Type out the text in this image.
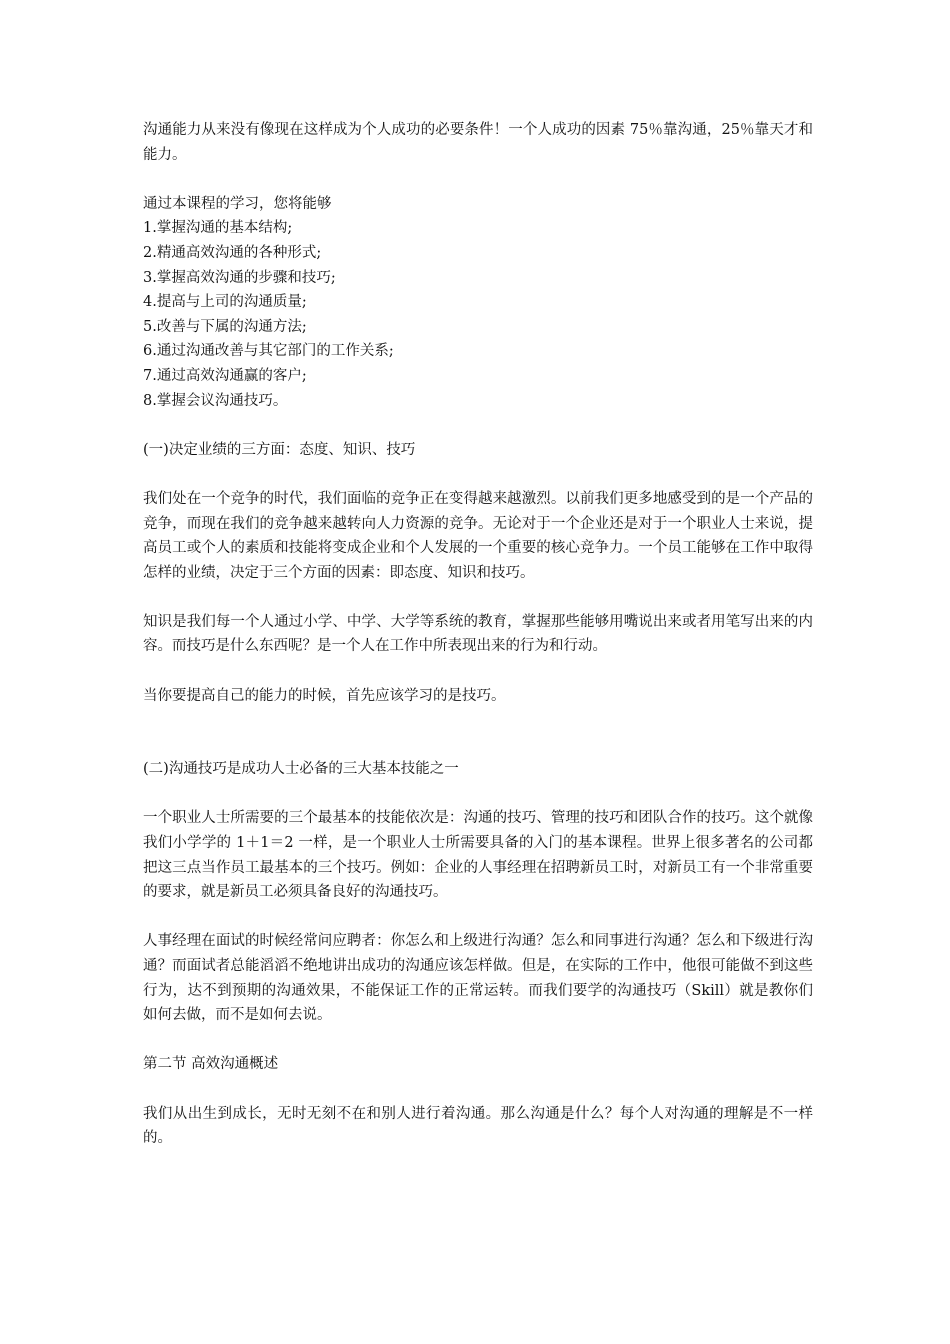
沟通能力从来没有像现在这样成为个人成功的必要条件！一个人成功的因素 75％靠沟通，25％靠天才和能力。

通过本课程的学习，您将能够

1.掌握沟通的基本结构;

2.精通高效沟通的各种形式;

3.掌握高效沟通的步骤和技巧;

4.提高与上司的沟通质量;

5.改善与下属的沟通方法;

6.通过沟通改善与其它部门的工作关系;

7.通过高效沟通赢的客户;

8.掌握会议沟通技巧。

(一)决定业绩的三方面：态度、知识、技巧

我们处在一个竞争的时代，我们面临的竞争正在变得越来越激烈。以前我们更多地感受到的是一个产品的竞争，而现在我们的竞争越来越转向人力资源的竞争。无论对于一个企业还是对于一个职业人士来说，提高员工或个人的素质和技能将变成企业和个人发展的一个重要的核心竞争力。一个员工能够在工作中取得怎样的业绩，决定于三个方面的因素：即态度、知识和技巧。

知识是我们每一个人通过小学、中学、大学等系统的教育，掌握那些能够用嘴说出来或者用笔写出来的内容。而技巧是什么东西呢？是一个人在工作中所表现出来的行为和行动。

当你要提高自己的能力的时候，首先应该学习的是技巧。

(二)沟通技巧是成功人士必备的三大基本技能之一

一个职业人士所需要的三个最基本的技能依次是：沟通的技巧、管理的技巧和团队合作的技巧。这个就像我们小学学的 1＋1＝2 一样，是一个职业人士所需要具备的入门的基本课程。世界上很多著名的公司都把这三点当作员工最基本的三个技巧。例如：企业的人事经理在招聘新员工时，对新员工有一个非常重要的要求，就是新员工必须具备良好的沟通技巧。

人事经理在面试的时候经常问应聘者：你怎么和上级进行沟通？怎么和同事进行沟通？怎么和下级进行沟通？而面试者总能滔滔不绝地讲出成功的沟通应该怎样做。但是，在实际的工作中，他很可能做不到这些行为，达不到预期的沟通效果，不能保证工作的正常运转。而我们要学的沟通技巧（Skill）就是教你们如何去做，而不是如何去说。

第二节 高效沟通概述

我们从出生到成长，无时无刻不在和别人进行着沟通。那么沟通是什么？每个人对沟通的理解是不一样的。
